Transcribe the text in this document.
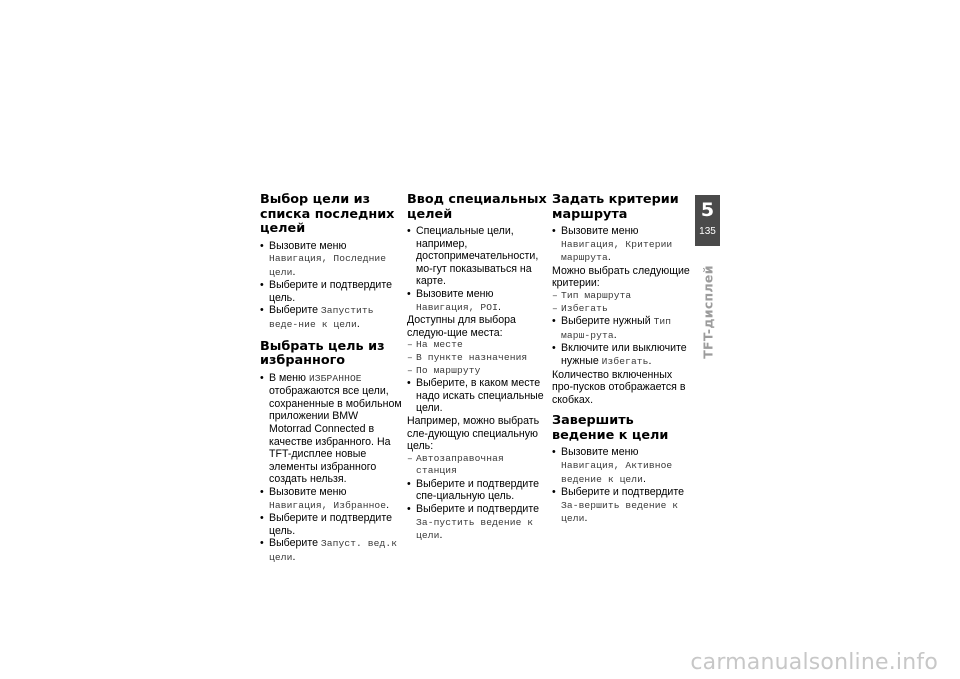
Выбор цели из списка последних целей

• Вызовите меню Навигация, Последние цели.

• Выберите и подтвердите цель.

• Выберите Запустить веде-ние к цели.

Выбрать цель из избранного

• В меню ИЗБРАННОЕ отображаются все цели, сохраненные в мобильном приложении BMW Motorrad Connected в качестве избранного. На TFT-дисплее новые элементы избранного создать нельзя.

• Вызовите меню Навигация, Избранное.

• Выберите и подтвердите цель.

• Выберите Запуст. вед.к цели.

Ввод специальных целей

• Специальные цели, например, достопримечательности, мо-гут показываться на карте.

• Вызовите меню Навигация, POI.

Доступны для выбора следую-щие места:

– На месте

– В пункте назначения

– По маршруту

• Выберите, в каком месте надо искать специальные цели.

Например, можно выбрать сле-дующую специальную цель:

– Автозаправочная станция

• Выберите и подтвердите спе-циальную цель.

• Выберите и подтвердите За-пустить ведение к цели.

Задать критерии маршрута

• Вызовите меню Навигация, Критерии маршрута.

Можно выбрать следующие критерии:

– Тип маршрута

– Избегать

• Выберите нужный Тип марш-рута.

• Включите или выключите нужные Избегать.

Количество включенных про-пусков отображается в скобках.

Завершить ведение к цели

• Вызовите меню Навигация, Активное ведение к цели.

• Выберите и подтвердите За-вершить ведение к цели.

5
135
TFT-дисплей
carmanualsonline.info
